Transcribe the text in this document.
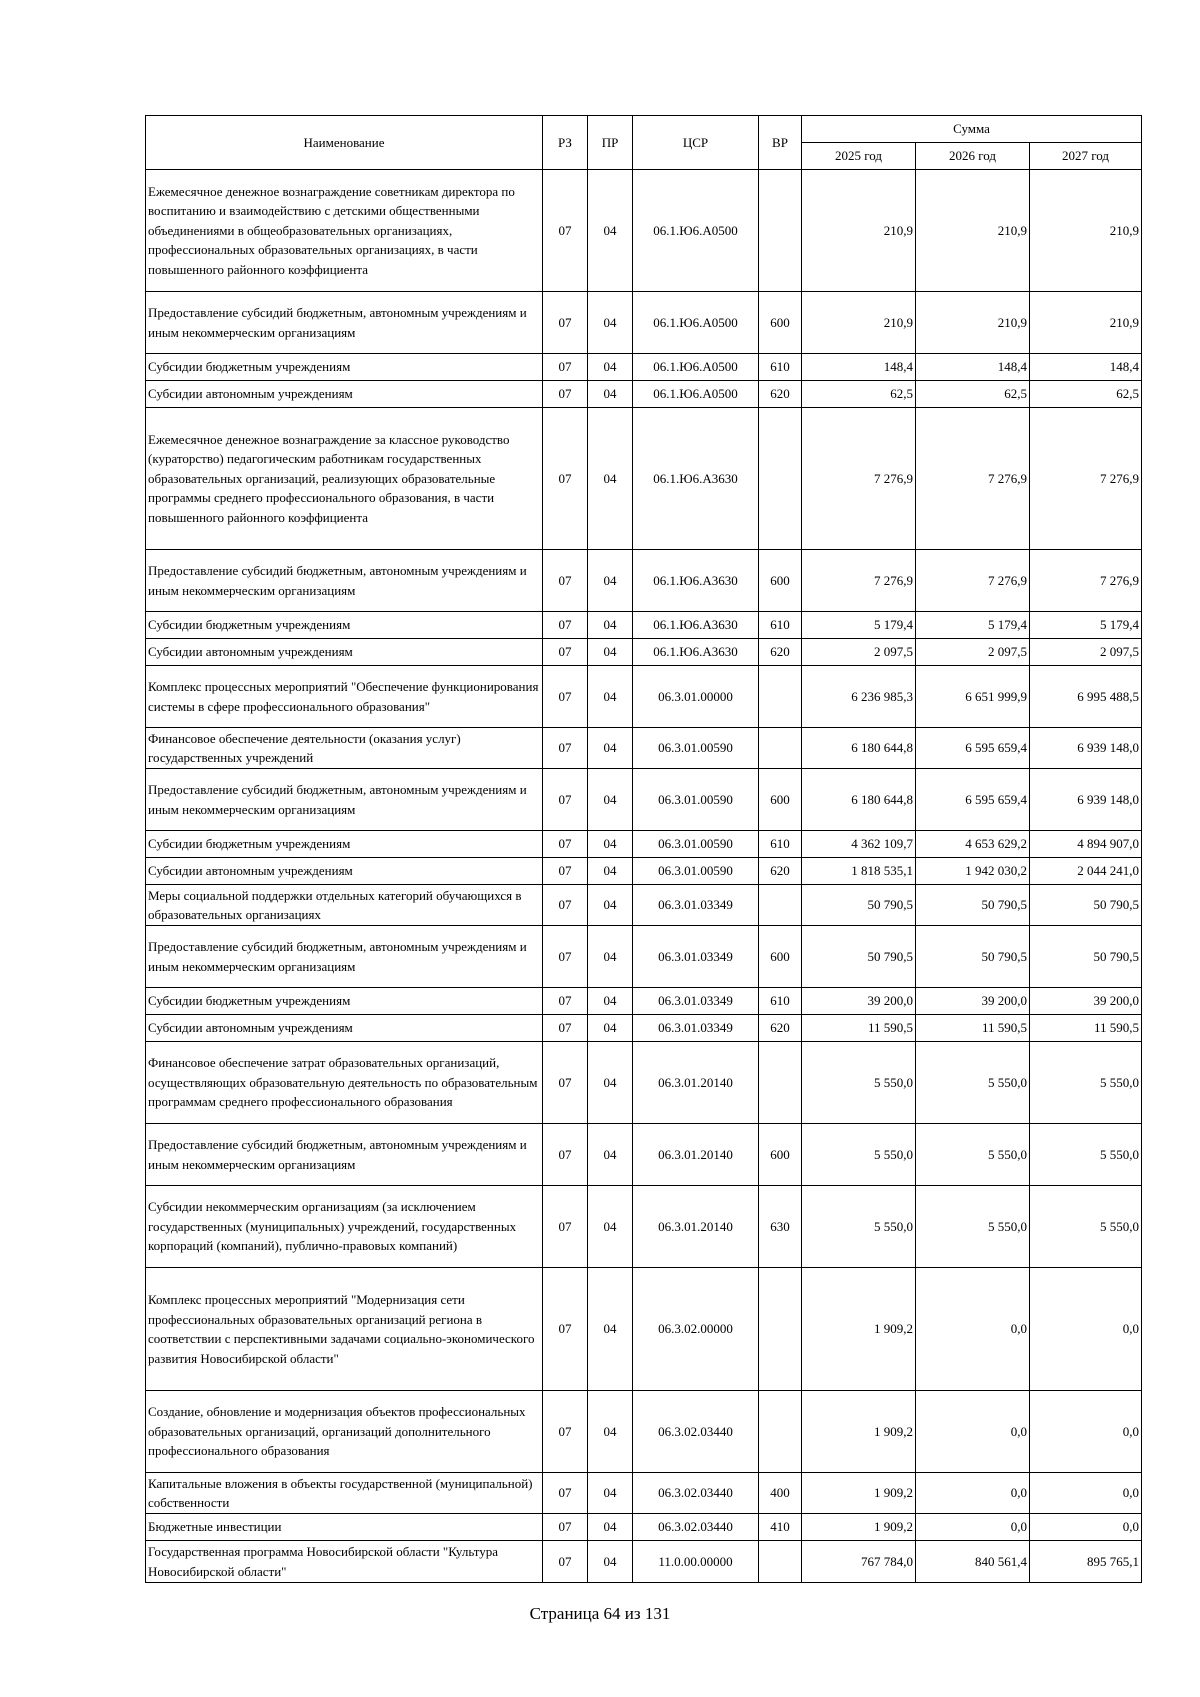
Наименование	РЗ	ПР	ЦСР	ВР	Сумма		
					2025 год	2026 год	2027 год
Ежемесячное денежное вознаграждение советникам директора по воспитанию и взаимодействию с детскими общественными объединениями в общеобразовательных организациях, профессиональных образовательных организациях, в части повышенного районного коэффициента	07	04	06.1.Ю6.А0500		210,9	210,9	210,9
Предоставление субсидий бюджетным, автономным учреждениям и иным некоммерческим организациям	07	04	06.1.Ю6.А0500	600	210,9	210,9	210,9
Субсидии бюджетным учреждениям	07	04	06.1.Ю6.А0500	610	148,4	148,4	148,4
Субсидии автономным учреждениям	07	04	06.1.Ю6.А0500	620	62,5	62,5	62,5
Ежемесячное денежное вознаграждение за классное руководство (кураторство) педагогическим работникам государственных образовательных организаций, реализующих образовательные программы среднего профессионального образования, в части повышенного районного коэффициента	07	04	06.1.Ю6.А3630		7 276,9	7 276,9	7 276,9
Предоставление субсидий бюджетным, автономным учреждениям и иным некоммерческим организациям	07	04	06.1.Ю6.А3630	600	7 276,9	7 276,9	7 276,9
Субсидии бюджетным учреждениям	07	04	06.1.Ю6.А3630	610	5 179,4	5 179,4	5 179,4
Субсидии автономным учреждениям	07	04	06.1.Ю6.А3630	620	2 097,5	2 097,5	2 097,5
Комплекс процессных мероприятий "Обеспечение функционирования системы в сфере профессионального образования"	07	04	06.3.01.00000		6 236 985,3	6 651 999,9	6 995 488,5
Финансовое обеспечение деятельности (оказания услуг) государственных учреждений	07	04	06.3.01.00590		6 180 644,8	6 595 659,4	6 939 148,0
Предоставление субсидий бюджетным, автономным учреждениям и иным некоммерческим организациям	07	04	06.3.01.00590	600	6 180 644,8	6 595 659,4	6 939 148,0
Субсидии бюджетным учреждениям	07	04	06.3.01.00590	610	4 362 109,7	4 653 629,2	4 894 907,0
Субсидии автономным учреждениям	07	04	06.3.01.00590	620	1 818 535,1	1 942 030,2	2 044 241,0
Меры социальной поддержки отдельных категорий обучающихся в образовательных организациях	07	04	06.3.01.03349		50 790,5	50 790,5	50 790,5
Предоставление субсидий бюджетным, автономным учреждениям и иным некоммерческим организациям	07	04	06.3.01.03349	600	50 790,5	50 790,5	50 790,5
Субсидии бюджетным учреждениям	07	04	06.3.01.03349	610	39 200,0	39 200,0	39 200,0
Субсидии автономным учреждениям	07	04	06.3.01.03349	620	11 590,5	11 590,5	11 590,5
Финансовое обеспечение затрат образовательных организаций, осуществляющих образовательную деятельность по образовательным программам среднего профессионального образования	07	04	06.3.01.20140		5 550,0	5 550,0	5 550,0
Предоставление субсидий бюджетным, автономным учреждениям и иным некоммерческим организациям	07	04	06.3.01.20140	600	5 550,0	5 550,0	5 550,0
Субсидии некоммерческим организациям (за исключением государственных (муниципальных) учреждений, государственных корпораций (компаний), публично-правовых компаний)	07	04	06.3.01.20140	630	5 550,0	5 550,0	5 550,0
Комплекс процессных мероприятий "Модернизация сети профессиональных образовательных организаций региона в соответствии с перспективными задачами социально-экономического развития Новосибирской области"	07	04	06.3.02.00000		1 909,2	0,0	0,0
Создание, обновление и модернизация объектов профессиональных образовательных организаций, организаций дополнительного профессионального образования	07	04	06.3.02.03440		1 909,2	0,0	0,0
Капитальные вложения в объекты государственной (муниципальной) собственности	07	04	06.3.02.03440	400	1 909,2	0,0	0,0
Бюджетные инвестиции	07	04	06.3.02.03440	410	1 909,2	0,0	0,0
Государственная программа Новосибирской области "Культура Новосибирской области"	07	04	11.0.00.00000		767 784,0	840 561,4	895 765,1
Страница 64 из 131
